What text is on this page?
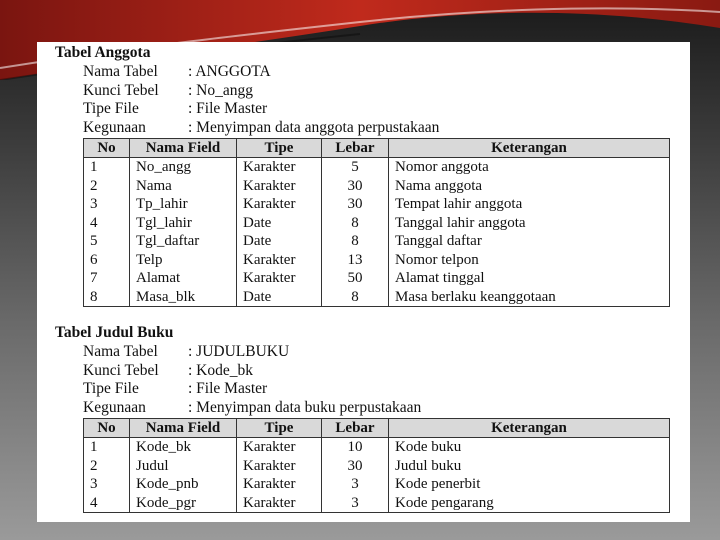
Tabel Anggota
Nama Tabel : ANGGOTA
Kunci Tebel : No_angg
Tipe File	: File Master
Kegunaan	: Menyimpan data anggota perpustakaan
No	Nama Field	Tipe	Lebar	Keterangan
1	No_angg	Karakter	5	Nomor anggota
2	Nama	Karakter	30	Nama anggota
3	Tp_lahir	Karakter	30	Tempat lahir anggota
4	Tgl_lahir	Date	8	Tanggal lahir anggota
5	Tgl_daftar	Date	8	Tanggal daftar
6	Telp	Karakter	13	Nomor telpon
7	Alamat	Karakter	50	Alamat tinggal
8	Masa_blk	Date	8	Masa berlaku keanggotaan
Tabel Judul Buku
Nama Tabel : JUDULBUKU
Kunci Tebel : Kode_bk
Tipe File	: File Master
Kegunaan	: Menyimpan data buku perpustakaan
No	Nama Field	Tipe	Lebar	Keterangan
1	Kode_bk	Karakter	10	Kode buku
2	Judul	Karakter	30	Judul buku
3	Kode_pnb	Karakter	3	Kode penerbit
4	Kode_pgr	Karakter	3	Kode pengarang
